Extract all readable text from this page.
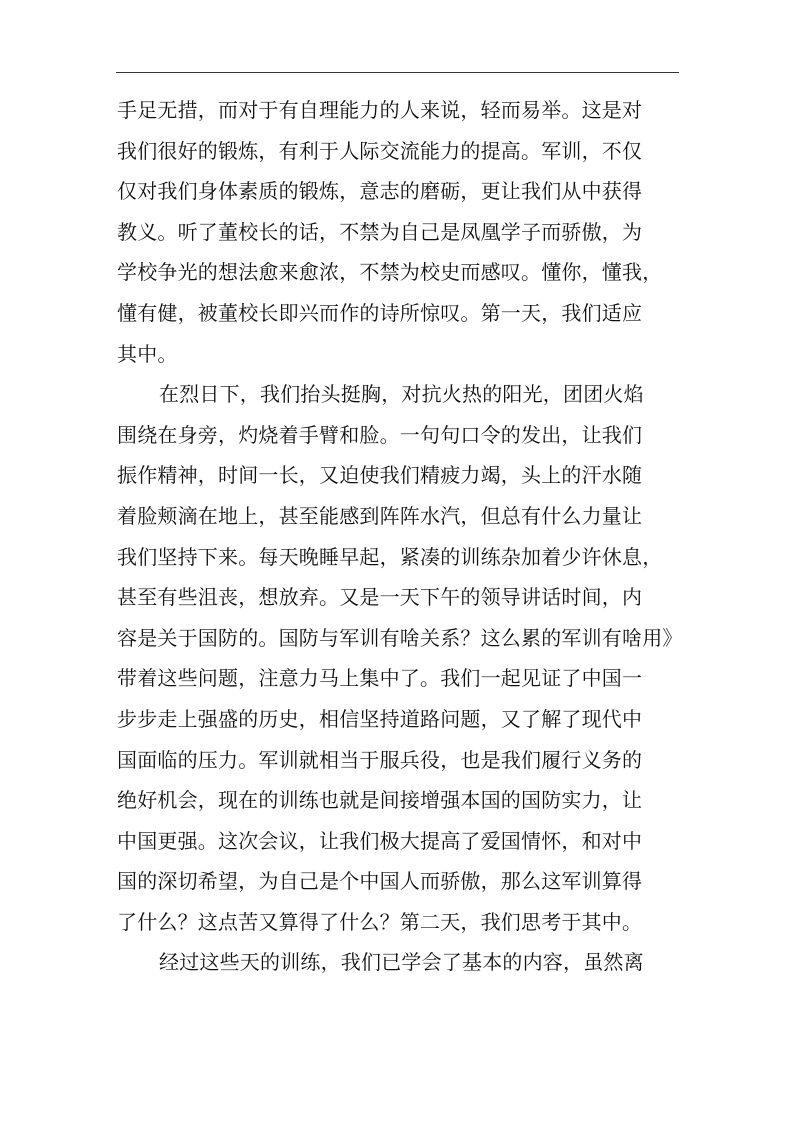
手足无措，而对于有自理能力的人来说，轻而易举。这是对
我们很好的锻炼，有利于人际交流能力的提高。军训，不仅
仅对我们身体素质的锻炼，意志的磨砺，更让我们从中获得
教义。听了董校长的话，不禁为自己是凤凰学子而骄傲，为
学校争光的想法愈来愈浓，不禁为校史而感叹。懂你，懂我，
懂有健，被董校长即兴而作的诗所惊叹。第一天，我们适应
其中。
在烈日下，我们抬头挺胸，对抗火热的阳光，团团火焰
围绕在身旁，灼烧着手臂和脸。一句句口令的发出，让我们
振作精神，时间一长，又迫使我们精疲力竭，头上的汗水随
着脸颊滴在地上，甚至能感到阵阵水汽，但总有什么力量让
我们坚持下来。每天晚睡早起，紧凑的训练杂加着少许休息，
甚至有些沮丧，想放弃。又是一天下午的领导讲话时间，内
容是关于国防的。国防与军训有啥关系？这么累的军训有啥用》
带着这些问题，注意力马上集中了。我们一起见证了中国一
步步走上强盛的历史，相信坚持道路问题，又了解了现代中
国面临的压力。军训就相当于服兵役，也是我们履行义务的
绝好机会，现在的训练也就是间接增强本国的国防实力，让
中国更强。这次会议，让我们极大提高了爱国情怀，和对中
国的深切希望，为自己是个中国人而骄傲，那么这军训算得
了什么？这点苦又算得了什么？第二天，我们思考于其中。
经过这些天的训练，我们已学会了基本的内容，虽然离
